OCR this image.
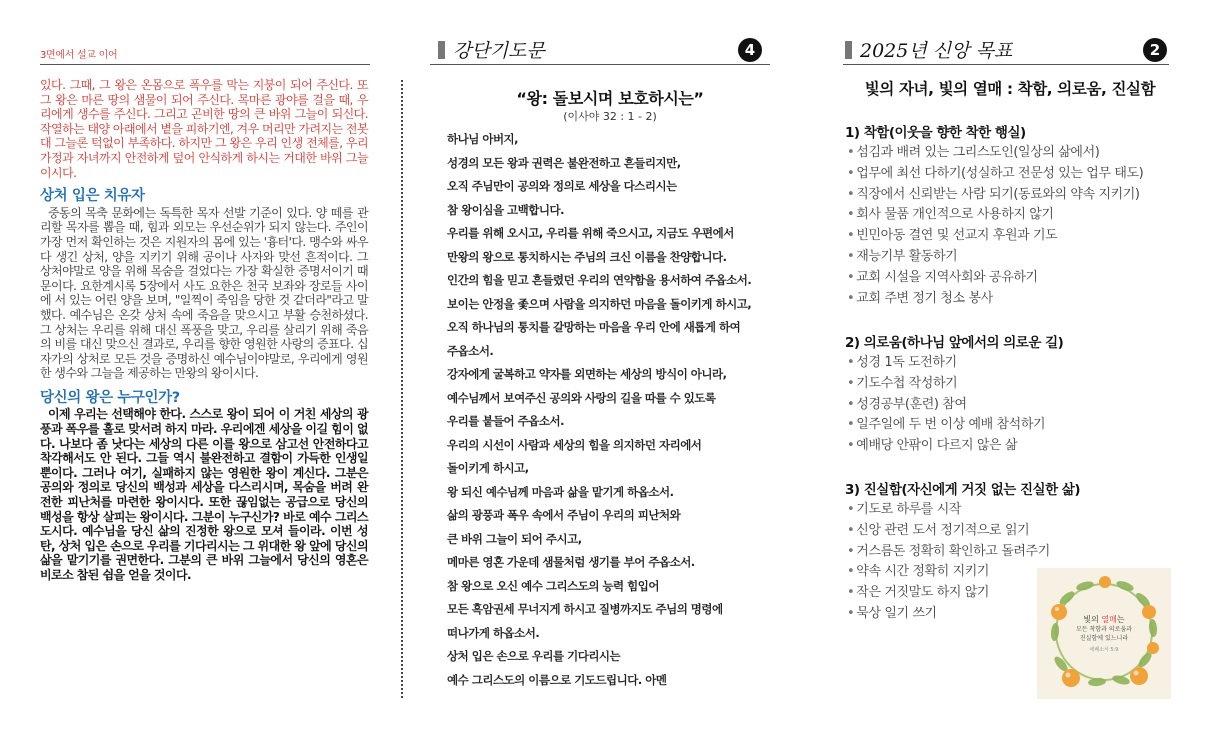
3면에서 설교 이어	강단기도문	4	2025년 신앙 목표	2

있다. 그때, 그 왕은 온몸으로 폭우를 막는 지붕이 되어 주신다. 또 그 왕은 마른 땅의 샘물이 되어 주신다. 목마른 광야를 걸을 때, 우리에게 생수를 주신다. 그리고 곤비한 땅의 큰 바위 그늘이 되신다. 작열하는 태양 아래에서 볕을 피하기엔, 겨우 머리만 가려지는 전봇대 그늘론 턱없이 부족하다. 하지만 그 왕은 우리 인생 전체를, 우리 가정과 자녀까지 안전하게 덮어 안식하게 하시는 거대한 바위 그늘이시다.

상처 입은 치유자

중동의 목축 문화에는 독특한 목자 선발 기준이 있다. 양 떼를 관리할 목자를 뽑을 때, 힘과 외모는 우선순위가 되지 않는다. 주인이 가장 먼저 확인하는 것은 지원자의 몸에 있는 '흉터'다. 맹수와 싸우다 생긴 상처, 양을 지키기 위해 공이나 사자와 맞선 흔적이다. 그 상처야말로 양을 위해 목숨을 걸었다는 가장 확실한 증명서이기 때문이다. 요한계시록 5장에서 사도 요한은 천국 보좌와 장로들 사이에 서 있는 어린 양을 보며, "일찍이 죽임을 당한 것 같더라"라고 말했다. 예수님은 온갖 상처 속에 죽음을 맞으시고 부활 승천하셨다. 그 상처는 우리를 위해 대신 폭풍을 맞고, 우리를 살리기 위해 죽음의 비를 대신 맞으신 결과로, 우리를 향한 영원한 사랑의 증표다. 십자가의 상처로 모든 것을 증명하신 예수님이야말로, 우리에게 영원한 생수와 그늘을 제공하는 만왕의 왕이시다.

당신의 왕은 누구인가?

이제 우리는 선택해야 한다. 스스로 왕이 되어 이 거친 세상의 광풍과 폭우를 홀로 맞서려 하지 마라. 우리에겐 세상을 이길 힘이 없다. 나보다 좀 낫다는 세상의 다른 이를 왕으로 삼고선 안전하다고 착각해서도 안 된다. 그들 역시 불완전하고 결함이 가득한 인생일 뿐이다. 그러나 여기, 실패하지 않는 영원한 왕이 계신다. 그분은 공의와 정의로 당신의 백성과 세상을 다스리시며, 목숨을 버려 완전한 피난처를 마련한 왕이시다. 또한 끊임없는 공급으로 당신의 백성을 항상 살피는 왕이시다. 그분이 누구신가? 바로 예수 그리스도시다. 예수님을 당신 삶의 진정한 왕으로 모셔 들이라. 이번 성탄, 상처 입은 손으로 우리를 기다리시는 그 위대한 왕 앞에 당신의 삶을 맡기기를 권면한다. 그분의 큰 바위 그늘에서 당신의 영혼은 비로소 참된 쉼을 얻을 것이다.

“왕: 돌보시며 보호하시는”
(이사야 32 : 1 - 2)
하나님 아버지,
성경의 모든 왕과 권력은 불완전하고 흔들리지만,
오직 주님만이 공의와 정의로 세상을 다스리시는
참 왕이심을 고백합니다.
우리를 위해 오시고, 우리를 위해 죽으시고, 지금도 우편에서
만왕의 왕으로 통치하시는 주님의 크신 이름을 찬양합니다.
인간의 힘을 믿고 흔들렸던 우리의 연약함을 용서하여 주옵소서.
보이는 안정을 좇으며 사람을 의지하던 마음을 돌이키게 하시고,
오직 하나님의 통치를 갈망하는 마음을 우리 안에 새롭게 하여
주옵소서.
강자에게 굴복하고 약자를 외면하는 세상의 방식이 아니라,
예수님께서 보여주신 공의와 사랑의 길을 따를 수 있도록
우리를 붙들어 주옵소서.
우리의 시선이 사람과 세상의 힘을 의지하던 자리에서
돌이키게 하시고,
왕 되신 예수님께 마음과 삶을 맡기게 하옵소서.
삶의 광풍과 폭우 속에서 주님이 우리의 피난처와
큰 바위 그늘이 되어 주시고,
메마른 영혼 가운데 샘물처럼 생기를 부어 주옵소서.
참 왕으로 오신 예수 그리스도의 능력 힘입어
모든 흑암권세 무너지게 하시고 질병까지도 주님의 명령에
떠나가게 하옵소서.
상처 입은 손으로 우리를 기다리시는
예수 그리스도의 이름으로 기도드립니다. 아멘
빛의 자녀, 빛의 열매 : 착함, 의로움, 진실함
1) 착함(이웃을 향한 착한 행실)
• 섬김과 배려 있는 그리스도인(일상의 삶에서)
• 업무에 최선 다하기(성실하고 전문성 있는 업무 태도)
• 직장에서 신뢰받는 사람 되기(동료와의 약속 지키기)
• 회사 물품 개인적으로 사용하지 않기
• 빈민아동 결연 및 선교지 후원과 기도
• 재능기부 활동하기
• 교회 시설을 지역사회와 공유하기
• 교회 주변 정기 청소 봉사
2) 의로움(하나님 앞에서의 의로운 길)
• 성경 1독 도전하기
• 기도수첩 작성하기
• 성경공부(훈련) 참여
• 일주일에 두 번 이상 예배 참석하기
• 예배당 안팎이 다르지 않은 삶
3) 진실함(자신에게 거짓 없는 진실한 삶)
• 기도로 하루를 시작
• 신앙 관련 도서 정기적으로 읽기
• 거스름돈 정확히 확인하고 돌려주기
• 약속 시간 정확히 지키기
• 작은 거짓말도 하지 않기
• 묵상 일기 쓰기	빛의 열매는
모든 착함과 의로움과
진실함에 있느니라
에베소서 5:9
